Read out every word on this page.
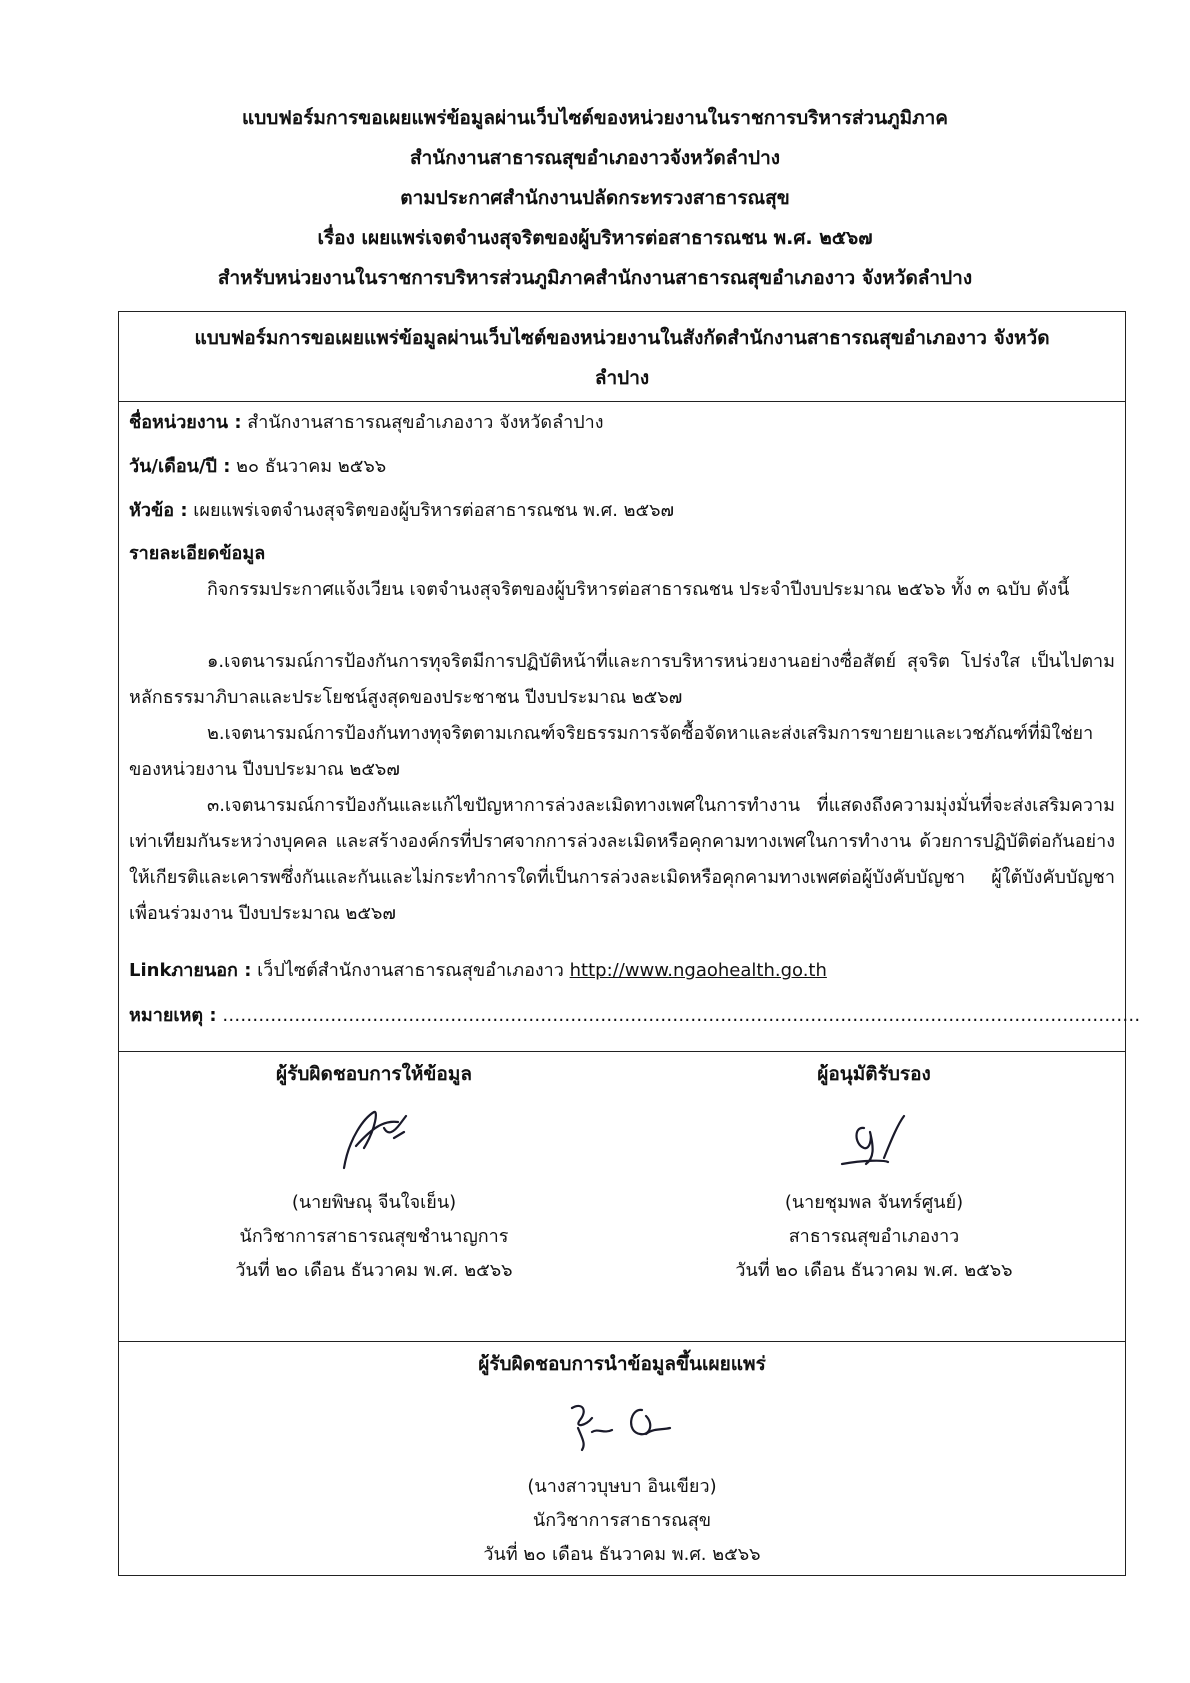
แบบฟอร์มการขอเผยแพร่ข้อมูลผ่านเว็บไซต์ของหน่วยงานในราชการบริหารส่วนภูมิภาค
สำนักงานสาธารณสุขอำเภองาวจังหวัดลำปาง
ตามประกาศสำนักงานปลัดกระทรวงสาธารณสุข
เรื่อง เผยแพร่เจตจำนงสุจริตของผู้บริหารต่อสาธารณชน พ.ศ. ๒๕๖๗
สำหรับหน่วยงานในราชการบริหารส่วนภูมิภาคสำนักงานสาธารณสุขอำเภองาว จังหวัดลำปาง
แบบฟอร์มการขอเผยแพร่ข้อมูลผ่านเว็บไซต์ของหน่วยงานในสังกัดสำนักงานสาธารณสุขอำเภองาว จังหวัด
ลำปาง
ชื่อหน่วยงาน : สำนักงานสาธารณสุขอำเภองาว จังหวัดลำปาง
วัน/เดือน/ปี : ๒๐ ธันวาคม ๒๕๖๖
หัวข้อ : เผยแพร่เจตจำนงสุจริตของผู้บริหารต่อสาธารณชน พ.ศ. ๒๕๖๗
รายละเอียดข้อมูล
กิจกรรมประกาศแจ้งเวียน เจตจำนงสุจริตของผู้บริหารต่อสาธารณชน ประจำปีงบประมาณ ๒๕๖๖ ทั้ง ๓ ฉบับ ดังนี้
๑.เจตนารมณ์การป้องกันการทุจริตมีการปฏิบัติหน้าที่และการบริหารหน่วยงานอย่างซื่อสัตย์ สุจริต โปร่งใส เป็นไปตามหลักธรรมาภิบาลและประโยชน์สูงสุดของประชาชน ปีงบประมาณ ๒๕๖๗
๒.เจตนารมณ์การป้องกันทางทุจริตตามเกณฑ์จริยธรรมการจัดซื้อจัดหาและส่งเสริมการขายยาและเวชภัณฑ์ที่มิใช่ยาของหน่วยงาน ปีงบประมาณ ๒๕๖๗
๓.เจตนารมณ์การป้องกันและแก้ไขปัญหาการล่วงละเมิดทางเพศในการทำงาน ที่แสดงถึงความมุ่งมั่นที่จะส่งเสริมความเท่าเทียมกันระหว่างบุคคล และสร้างองค์กรที่ปราศจากการล่วงละเมิดหรือคุกคามทางเพศในการทำงาน ด้วยการปฏิบัติต่อกันอย่างให้เกียรติและเคารพซึ่งกันและกันและไม่กระทำการใดที่เป็นการล่วงละเมิดหรือคุกคามทางเพศต่อผู้บังคับบัญชา ผู้ใต้บังคับบัญชา เพื่อนร่วมงาน ปีงบประมาณ ๒๕๖๗
Linkภายนอก : เว็ปไซต์สำนักงานสาธารณสุขอำเภองาว http://www.ngaohealth.go.th
หมายเหตุ : ………………………………………………………………………………………………………………………………………
ผู้รับผิดชอบการให้ข้อมูล
(นายพิษณุ จีนใจเย็น)
นักวิชาการสาธารณสุขชำนาญการ
วันที่ ๒๐ เดือน ธันวาคม พ.ศ. ๒๕๖๖
ผู้อนุมัติรับรอง
(นายชุมพล จันทร์ศูนย์)
สาธารณสุขอำเภองาว
วันที่ ๒๐ เดือน ธันวาคม พ.ศ. ๒๕๖๖
ผู้รับผิดชอบการนำข้อมูลขึ้นเผยแพร่
(นางสาวบุษบา อินเขียว)
นักวิชาการสาธารณสุข
วันที่ ๒๐ เดือน ธันวาคม พ.ศ. ๒๕๖๖
